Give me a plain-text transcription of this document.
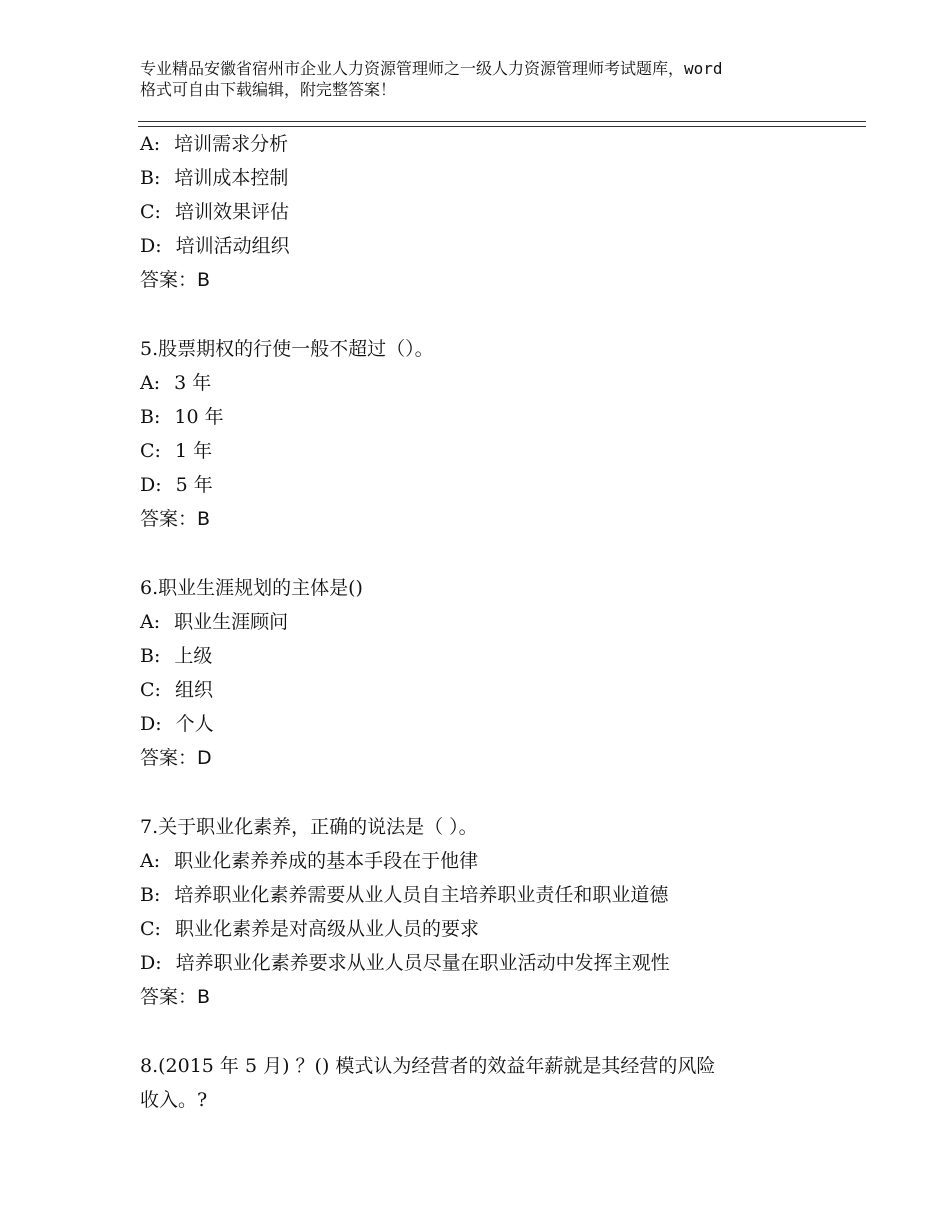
专业精品安徽省宿州市企业人力资源管理师之一级人力资源管理师考试题库，word
格式可自由下载编辑，附完整答案！
A: 培训需求分析
B: 培训成本控制
C: 培训效果评估
D: 培训活动组织
答案：B
5.股票期权的行使一般不超过（）。
A: 3 年
B: 10 年
C: 1 年
D: 5 年
答案：B
6.职业生涯规划的主体是()
A: 职业生涯顾问
B: 上级
C: 组织
D: 个人
答案：D
7.关于职业化素养，正确的说法是（ ）。
A: 职业化素养养成的基本手段在于他律
B: 培养职业化素养需要从业人员自主培养职业责任和职业道德
C: 职业化素养是对高级从业人员的要求
D: 培养职业化素养要求从业人员尽量在职业活动中发挥主观性
答案：B
8.(2015 年 5 月) ？() 模式认为经营者的效益年薪就是其经营的风险
收入。?
